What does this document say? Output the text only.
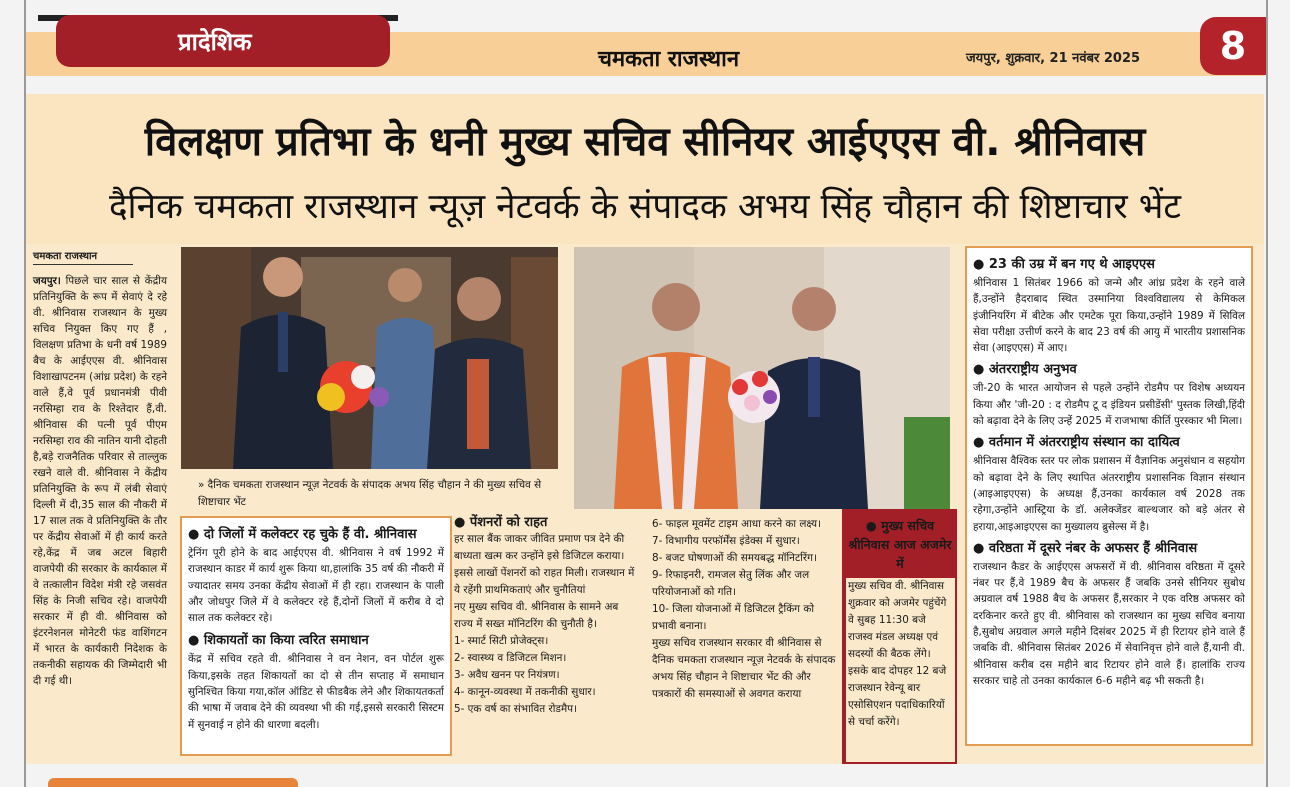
प्रादेशिक
चमकता राजस्थान	जयपुर, शुक्रवार, 21 नवंबर 2025	8
विलक्षण प्रतिभा के धनी मुख्य सचिव सीनियर आईएएस वी. श्रीनिवास
दैनिक चमकता राजस्थान न्यूज़ नेटवर्क के संपादक अभय सिंह चौहान की शिष्टाचार भेंट
चमकता राजस्थान

जयपुर। पिछले चार साल से केंद्रीय प्रतिनियुक्ति के रूप में सेवाएं दे रहे वी. श्रीनिवास राजस्थान के मुख्य सचिव नियुक्त किए गए हैं , विलक्षण प्रतिभा के धनी वर्ष 1989 बैच के आईएएस वी. श्रीनिवास विशाखापटनम (आंध्र प्रदेश) के रहने वाले हैं,वे पूर्व प्रधानमंत्री पीवी नरसिम्हा राव के रिश्तेदार हैं,वी. श्रीनिवास की पत्नी पूर्व पीएम नरसिम्हा राव की नातिन यानी दोहती है,बड़े राजनैतिक परिवार से ताल्लुक रखने वाले वी. श्रीनिवास ने केंद्रीय प्रतिनियुक्ति के रूप में लंबी सेवाएं दिल्ली में दी,35 साल की नौकरी में 17 साल तक वे प्रतिनियुक्ति के तौर पर केंद्रीय सेवाओं में ही कार्य करते रहे,केंद्र में जब अटल बिहारी वाजपेयी की सरकार के कार्यकाल में वे तत्कालीन विदेश मंत्री रहे जसवंत सिंह के निजी सचिव रहे। वाजपेयी सरकार में ही वी. श्रीनिवास को इंटरनेशनल मोनेटरी फंड वाशिंगटन में भारत के कार्यकारी निदेशक के तकनीकी सहायक की जिम्मेदारी भी दी गई थी।

» दैनिक चमकता राजस्थान न्यूज़ नेटवर्क के संपादक अभय सिंह चौहान ने की मुख्य सचिव से शिष्टाचार भेंट

● दो जिलों में कलेक्टर रह चुके हैं वी. श्रीनिवास

ट्रेनिंग पूरी होने के बाद आईएएस वी. श्रीनिवास ने वर्ष 1992 में राजस्थान काडर में कार्य शुरू किया था,हालांकि 35 वर्ष की नौकरी में ज्यादातर समय उनका केंद्रीय सेवाओं में ही रहा। राजस्थान के पाली और जोधपुर जिले में वे कलेक्टर रहे हैं,दोनों जिलों में करीब वे दो साल तक कलेक्टर रहे।

● शिकायतों का किया त्वरित समाधान

केंद्र में सचिव रहते वी. श्रीनिवास ने वन नेशन, वन पोर्टल शुरू किया,इसके तहत शिकायतों का दो से तीन सप्ताह में समाधान सुनिश्चित किया गया,कॉल ऑडिट से फीडबैक लेने और शिकायतकर्ता की भाषा में जवाब देने की व्यवस्था भी की गई,इससे सरकारी सिस्टम में सुनवाई न होने की धारणा बदली।

● पेंशनरों को राहत

हर साल बैंक जाकर जीवित प्रमाण पत्र देने की बाध्यता खत्म कर उन्होंने इसे डिजिटल कराया। इससे लाखों पेंशनरों को राहत मिली। राजस्थान में ये रहेंगी प्राथमिकताएं और चुनौतियां

नए मुख्य सचिव वी. श्रीनिवास के सामने अब राज्य में सख्त मॉनिटरिंग की चुनौती है।

1- स्मार्ट सिटी प्रोजेक्ट्स।

2- स्वास्थ्य व डिजिटल मिशन।

3- अवैध खनन पर नियंत्रण।

4- कानून-व्यवस्था में तकनीकी सुधार।

5- एक वर्ष का संभावित रोडमैप।

6- फाइल मूवमेंट टाइम आधा करने का लक्ष्य।

7- विभागीय परफॉर्मेंस इंडेक्स में सुधार।

8- बजट घोषणाओं की समयबद्ध मॉनिटरिंग।

9- रिफाइनरी, रामजल सेतु लिंक और जल परियोजनाओं को गति।

10- जिला योजनाओं में डिजिटल ट्रैकिंग को प्रभावी बनाना।

मुख्य सचिव राजस्थान सरकार वी श्रीनिवास से दैनिक चमकता राजस्थान न्यूज़ नेटवर्क के संपादक अभय सिंह चौहान ने शिष्टाचार भेंट की और पत्रकारों की समस्याओं से अवगत कराया

● मुख्य सचिव श्रीनिवास आज अजमेर में
मुख्य सचिव वी. श्रीनिवास शुक्रवार को अजमेर पहुंचेंगे वे सुबह 11:30 बजे राजस्व मंडल अध्यक्ष एवं सदस्यों की बैठक लेंगे। इसके बाद दोपहर 12 बजे राजस्थान रेवेन्यू बार एसोसिएशन पदाधिकारियों से चर्चा करेंगे।

● 23 की उम्र में बन गए थे आइएएस

श्रीनिवास 1 सितंबर 1966 को जन्मे और आंध्र प्रदेश के रहने वाले हैं,उन्होंने हैदराबाद स्थित उस्मानिया विश्वविद्यालय से केमिकल इंजीनियरिंग में बीटेक और एमटेक पूरा किया,उन्होंने 1989 में सिविल सेवा परीक्षा उत्तीर्ण करने के बाद 23 वर्ष की आयु में भारतीय प्रशासनिक सेवा (आइएएस) में आए।

● अंतरराष्ट्रीय अनुभव

जी-20 के भारत आयोजन से पहले उन्होंने रोडमैप पर विशेष अध्ययन किया और 'जी-20 : द रोडमैप टू द इंडियन प्रसीडेंसी' पुस्तक लिखी,हिंदी को बढ़ावा देने के लिए उन्हें 2025 में राजभाषा कीर्ति पुरस्कार भी मिला।

● वर्तमान में अंतरराष्ट्रीय संस्थान का दायित्व

श्रीनिवास वैश्विक स्तर पर लोक प्रशासन में वैज्ञानिक अनुसंधान व सहयोग को बढ़ावा देने के लिए स्थापित अंतरराष्ट्रीय प्रशासनिक विज्ञान संस्थान (आइआइएएस) के अध्यक्ष हैं,उनका कार्यकाल वर्ष 2028 तक रहेगा,उन्होंने आस्ट्रिया के डॉ. अलेक्जेंडर बाल्थजार को बड़े अंतर से हराया,आइआइएएस का मुख्यालय ब्रुसेल्स में है।

● वरिष्ठता में दूसरे नंबर के अफसर हैं श्रीनिवास

राजस्थान कैडर के आईएएस अफसरों में वी. श्रीनिवास वरिष्ठता में दूसरे नंबर पर हैं,वे 1989 बैच के अफसर हैं जबकि उनसे सीनियर सुबोध अग्रवाल वर्ष 1988 बैच के अफसर हैं,सरकार ने एक वरिष्ठ अफसर को दरकिनार करते हुए वी. श्रीनिवास को राजस्थान का मुख्य सचिव बनाया है,सुबोध अग्रवाल अगले महीने दिसंबर 2025 में ही रिटायर होने वाले हैं जबकि वी. श्रीनिवास सितंबर 2026 में सेवानिवृत्त होने वाले हैं,यानी वी. श्रीनिवास करीब दस महीने बाद रिटायर होने वाले हैं। हालांकि राज्य सरकार चाहे तो उनका कार्यकाल 6-6 महीने बढ़ भी सकती है।
